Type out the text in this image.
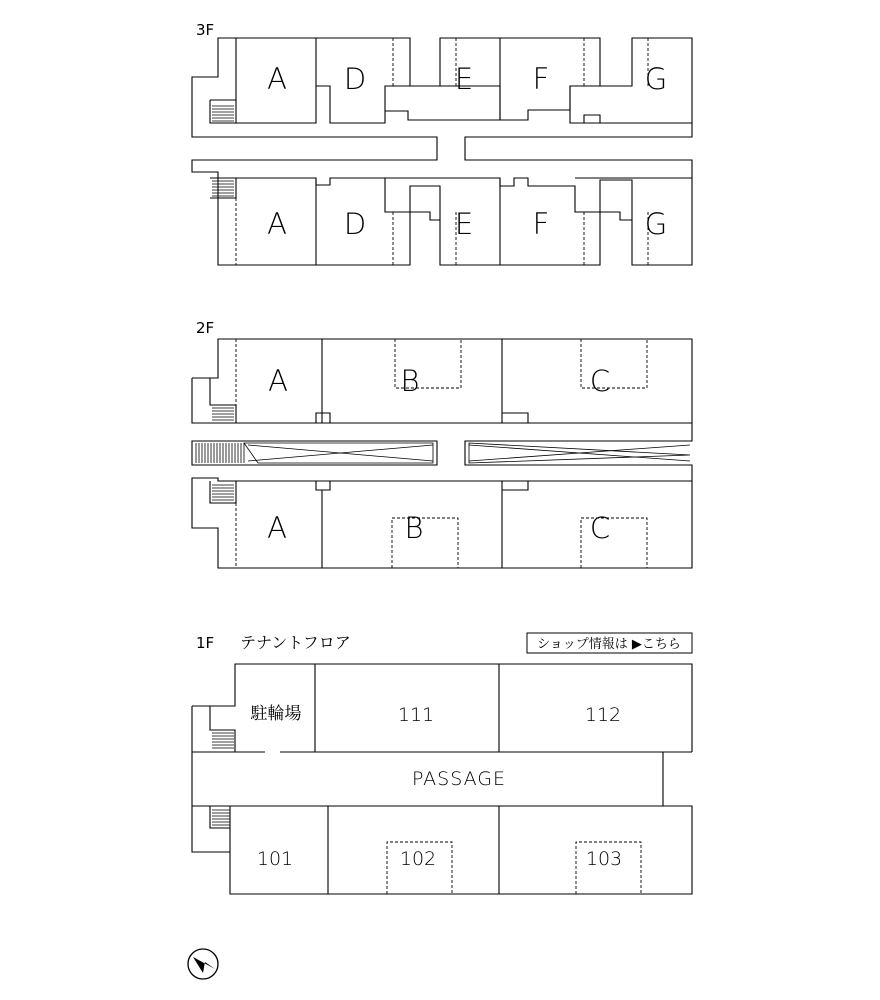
3F
A D	E F	G
A D	E F	G
2F
A	B	C
A	B	C
1F テナントフロア	ショップ情報は ▶こちら
駐輪場
PASSAGE
111	112
101	102	103
